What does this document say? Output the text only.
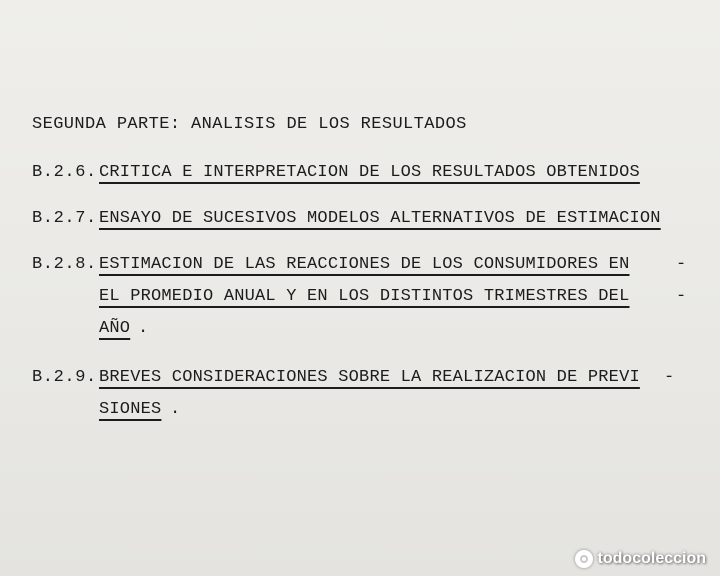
SEGUNDA PARTE: ANALISIS DE LOS RESULTADOS
B.2.6. CRITICA E INTERPRETACION DE LOS RESULTADOS OBTENIDOS
B.2.7. ENSAYO DE SUCESIVOS MODELOS ALTERNATIVOS DE ESTIMACION
B.2.8. ESTIMACION DE LAS REACCIONES DE LOS CONSUMIDORES EN	-
EL PROMEDIO ANUAL Y EN LOS DISTINTOS TRIMESTRES DEL	-
AÑO .
B.2.9. BREVES CONSIDERACIONES SOBRE LA REALIZACION DE PREVI -
SIONES .
todocoleccion
